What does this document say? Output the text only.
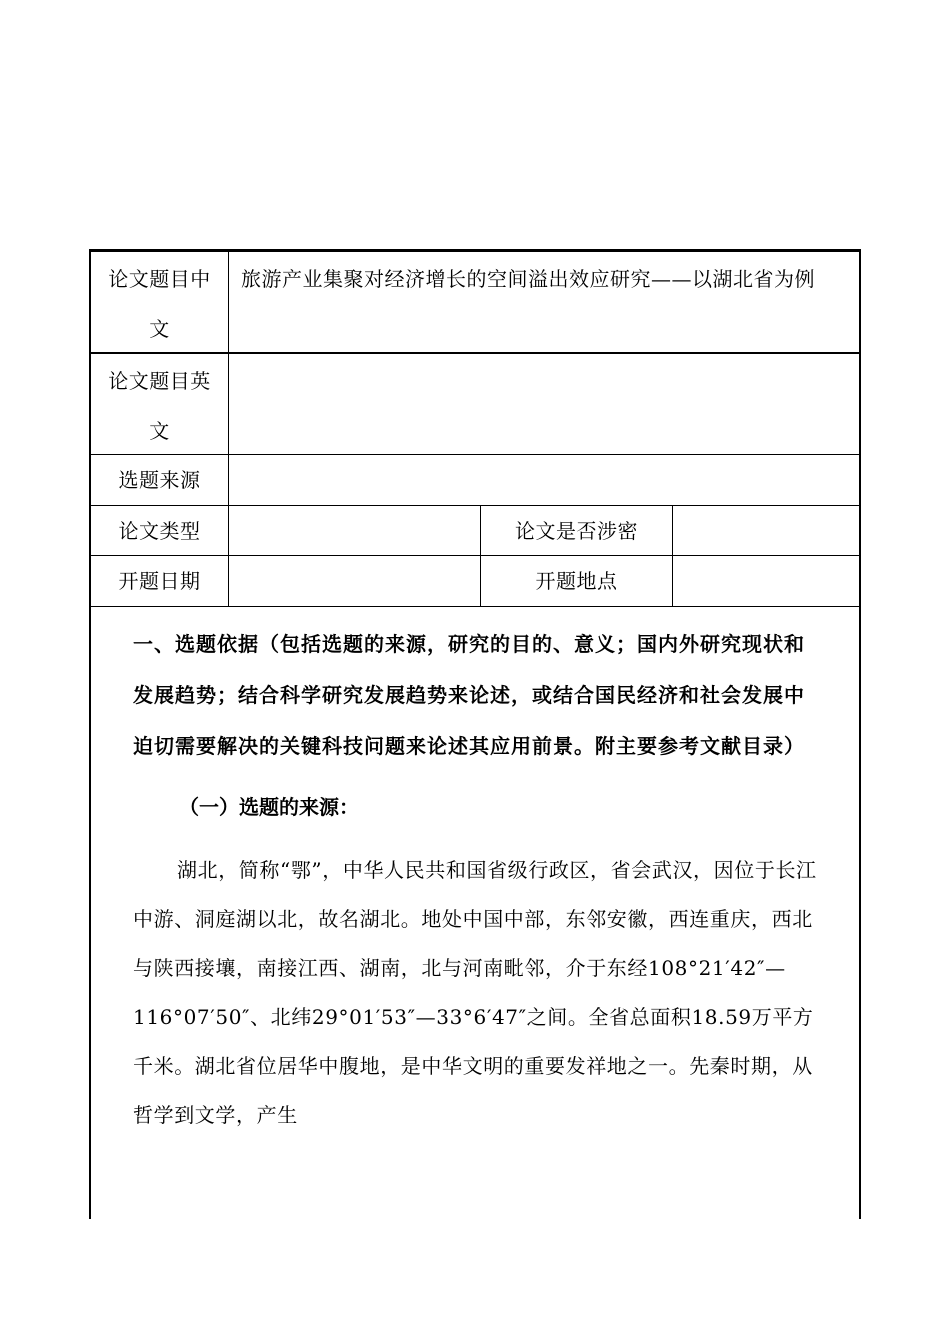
论文题目中文
旅游产业集聚对经济增长的空间溢出效应研究——以湖北省为例
论文题目英文
选题来源
论文类型	论文是否涉密
开题日期	开题地点

一、选题依据（包括选题的来源，研究的目的、意义；国内外研究现状和发展趋势；结合科学研究发展趋势来论述，或结合国民经济和社会发展中迫切需要解决的关键科技问题来论述其应用前景。附主要参考文献目录）

（一）选题的来源：

湖北，简称“鄂”，中华人民共和国省级行政区，省会武汉，因位于长江中游、洞庭湖以北，故名湖北。地处中国中部，东邻安徽，西连重庆，西北与陕西接壤，南接江西、湖南，北与河南毗邻，介于东经108°21′42″—116°07′50″、北纬29°01′53″—33°6′47″之间。全省总面积18.59万平方千米。湖北省位居华中腹地，是中华文明的重要发祥地之一。先秦时期，从哲学到文学，产生
